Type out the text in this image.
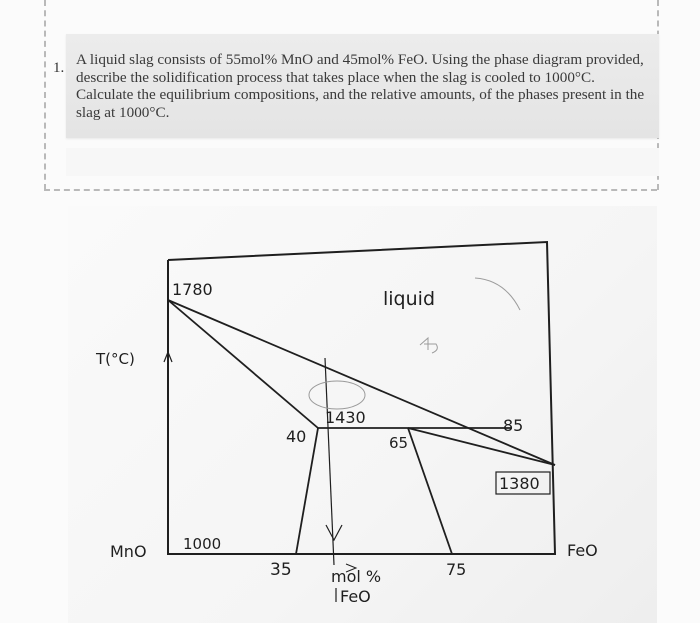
1. A liquid slag consists of 55mol% MnO and 45mol% FeO. Using the phase diagram provided, describe the solidification process that takes place when the slag is cooled to 1000°C. Calculate the equilibrium compositions, and the relative amounts, of the phases present in the slag at 1000°C.

1780	liquid
T(°C)
1430
40	65
85
1380
MnO 1000	FeO
35	75
mol %
FeO
